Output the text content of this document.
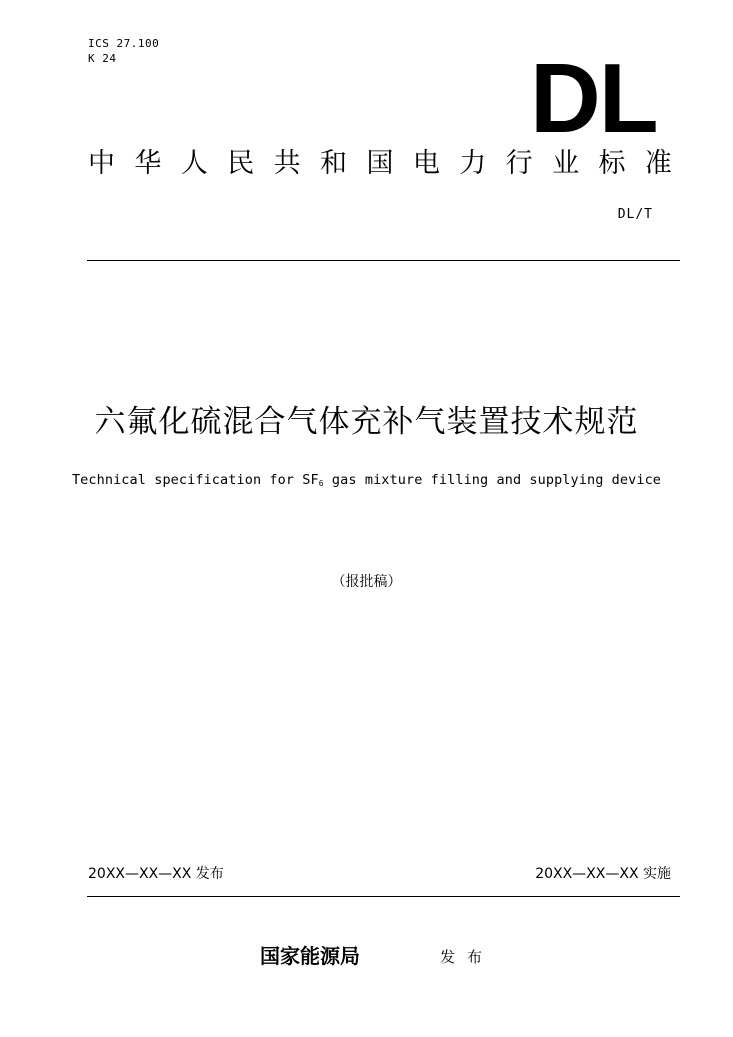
ICS 27.100
K 24	DL
中 华 人 民 共 和 国 电 力 行 业 标 准
DL/T
六氟化硫混合气体充补气装置技术规范
Technical specification for $SF_6$ gas mixture filling and supplying device
（报批稿）
20XX—XX—XX 发布	20XX—XX—XX 实施
国家能源局	发布
